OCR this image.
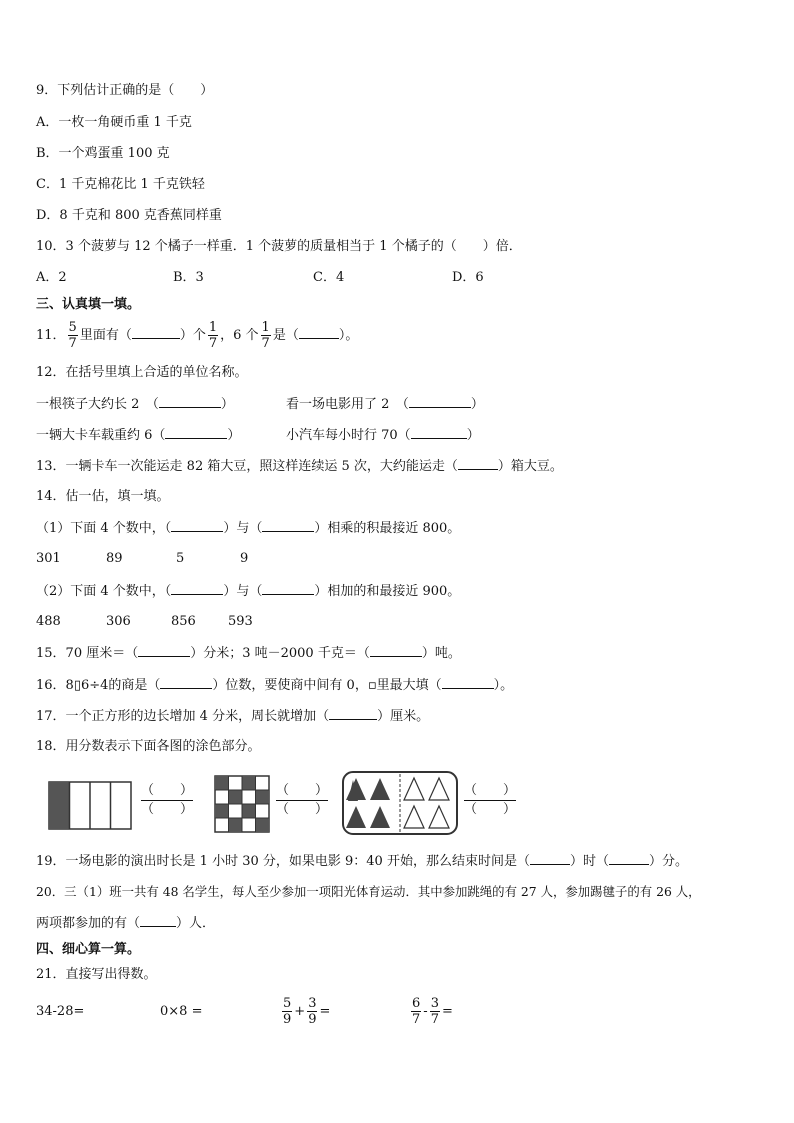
9．下列估计正确的是（　　）
A．一枚一角硬币重 1 千克
B．一个鸡蛋重 100 克
C．1 千克棉花比 1 千克铁轻
D．8 千克和 800 克香蕉同样重
10．3 个菠萝与 12 个橘子一样重．1 个菠萝的质量相当于 1 个橘子的（　　）倍．
A．2	B．3	C．4	D．6
三、认真填一填。
11． $\frac{5}{7}$ 里面有（	）个 $\frac{1}{7}$ ，6 个 $\frac{1}{7}$ 是（	）。
12．在括号里填上合适的单位名称。
一根筷子大约长 2　（	）	看一场电影用了 2　（	）
一辆大卡车载重约 6（	）	小汽车每小时行 70（	）
13．一辆卡车一次能运走 82 箱大豆，照这样连续运 5 次，大约能运走（	）箱大豆。
14．估一估，填一填。
（1）下面 4 个数中，（	）与（	）相乘的积最接近 800。
301	89	5	9
（2）下面 4 个数中，（	）与（	）相加的和最接近 900。
488	306	856 593
15．70 厘米＝（	）分米；3 吨－2000 千克＝（	）吨。
16．8▯6÷4的商是（	）位数，要使商中间有 0，▫里最大填（	）。
17．一个正方形的边长增加 4 分米，周长就增加（	）厘米。
18．用分数表示下面各图的涂色部分。
（　　）
（　　）
（　　）
（　　）
（　　）
（　　）
19．一场电影的演出时长是 1 小时 30 分，如果电影 9：40 开始，那么结束时间是（	）时（	）分。
20．三（1）班一共有 48 名学生，每人至少参加一项阳光体育运动．其中参加跳绳的有 27 人，参加踢毽子的有 26 人，
两项都参加的有（	）人．
四、细心算一算。
21．直接写出得数。
34-28=	0×8 =	$\frac{5}{9} + \frac{3}{9}$ =	$\frac{6}{7} - \frac{3}{7}$ =
